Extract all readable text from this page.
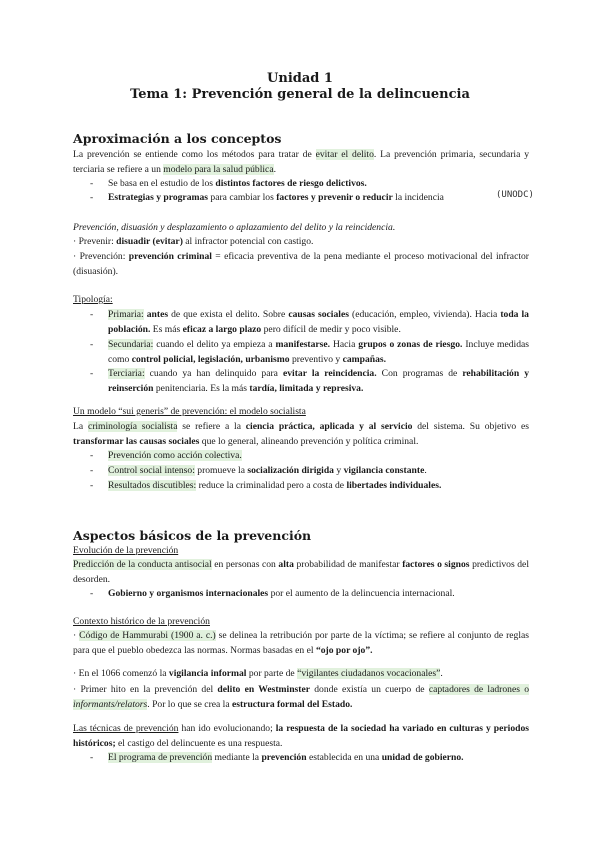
Unidad 1
Tema 1: Prevención general de la delincuencia
Aproximación a los conceptos
La prevención se entiende como los métodos para tratar de evitar el delito. La prevención primaria, secundaria y terciaria se refiere a un modelo para la salud pública.
- Se basa en el estudio de los distintos factores de riesgo delictivos.
- Estrategias y programas para cambiar los factores y prevenir o reducir la incidencia	(UNODC)
Prevención, disuasión y desplazamiento o aplazamiento del delito y la reincidencia.
· Prevenir: disuadir (evitar) al infractor potencial con castigo.
· Prevención: prevención criminal = eficacia preventiva de la pena mediante el proceso motivacional del infractor (disuasión).
Tipología:
- Primaria: antes de que exista el delito. Sobre causas sociales (educación, empleo, vivienda). Hacia toda la población. Es más eficaz a largo plazo pero difícil de medir y poco visible.
- Secundaria: cuando el delito ya empieza a manifestarse. Hacia grupos o zonas de riesgo. Incluye medidas como control policial, legislación, urbanismo preventivo y campañas.
- Terciaria: cuando ya han delinquido para evitar la reincidencia. Con programas de rehabilitación y reinserción penitenciaria. Es la más tardía, limitada y represiva.
Un modelo “sui generis” de prevención: el modelo socialista
La criminología socialista se refiere a la ciencia práctica, aplicada y al servicio del sistema. Su objetivo es transformar las causas sociales que lo general, alineando prevención y política criminal.
- Prevención como acción colectiva.
- Control social intenso: promueve la socialización dirigida y vigilancia constante.
- Resultados discutibles: reduce la criminalidad pero a costa de libertades individuales.
Aspectos básicos de la prevención
Evolución de la prevención
Predicción de la conducta antisocial en personas con alta probabilidad de manifestar factores o signos predictivos del desorden.
- Gobierno y organismos internacionales por el aumento de la delincuencia internacional.
Contexto histórico de la prevención
· Código de Hammurabi (1900 a. c.) se delinea la retribución por parte de la víctima; se refiere al conjunto de reglas para que el pueblo obedezca las normas. Normas basadas en el “ojo por ojo”.
· En el 1066 comenzó la vigilancia informal por parte de “vigilantes ciudadanos vocacionales”.
· Primer hito en la prevención del delito en Westminster donde existía un cuerpo de captadores de ladrones o informants/relators. Por lo que se crea la estructura formal del Estado.
Las técnicas de prevención han ido evolucionando; la respuesta de la sociedad ha variado en culturas y periodos históricos; el castigo del delincuente es una respuesta.
- El programa de prevención mediante la prevención establecida en una unidad de gobierno.
